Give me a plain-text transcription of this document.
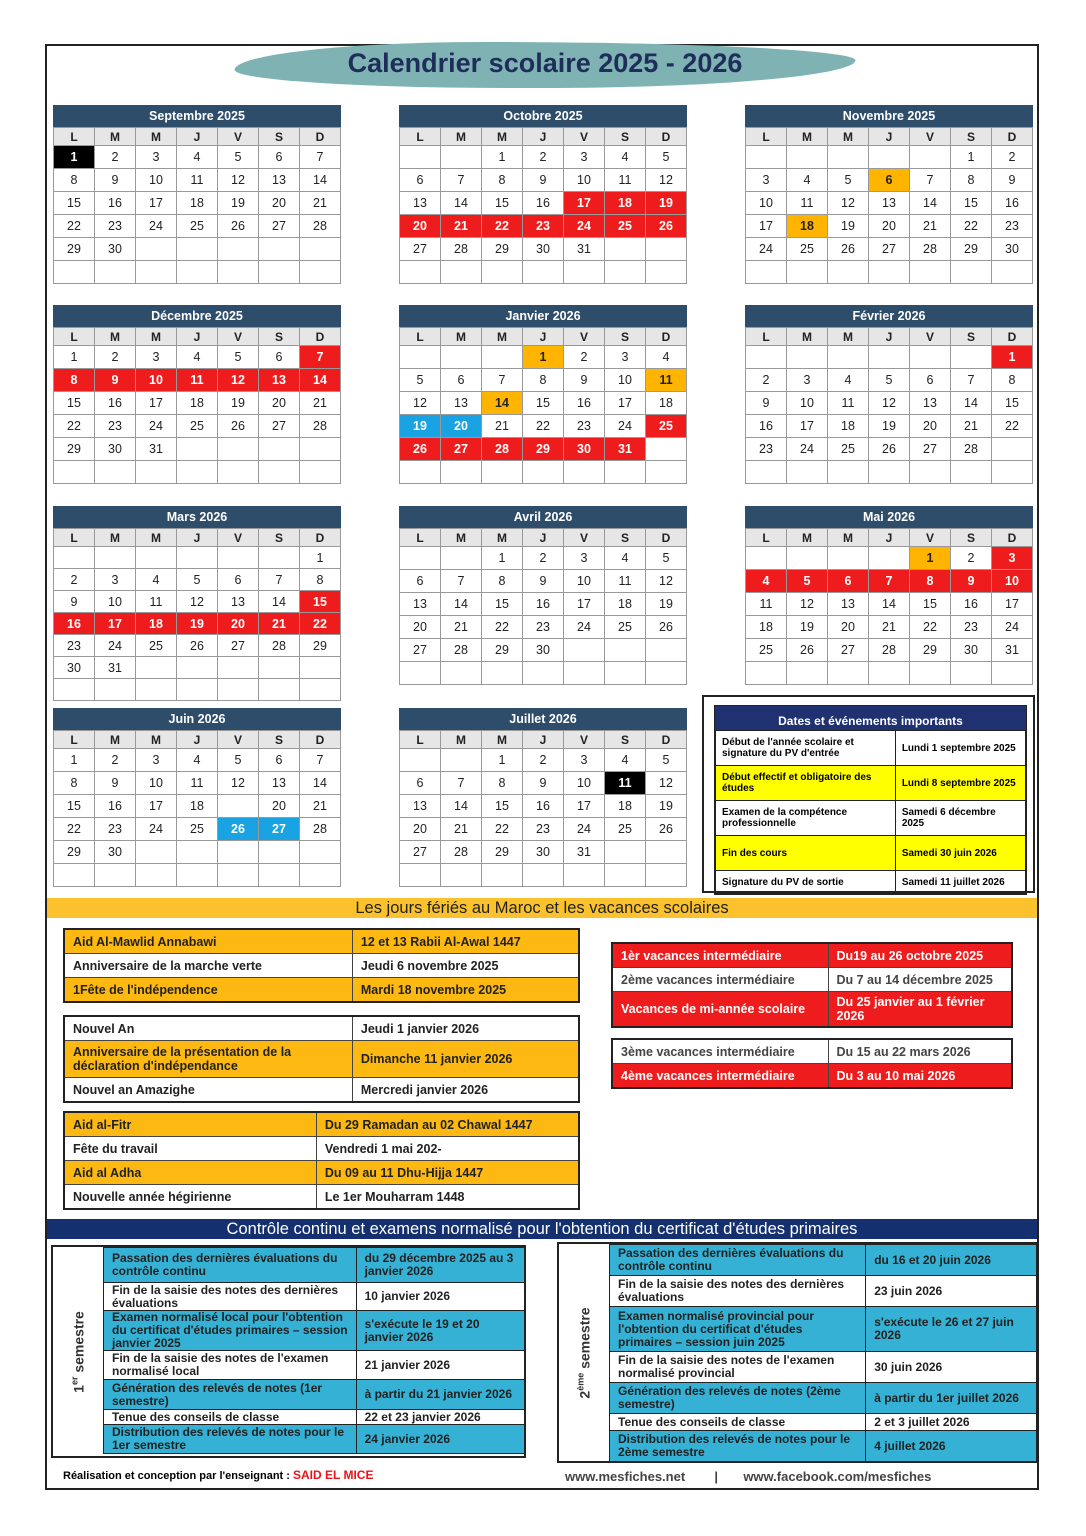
Calendrier scolaire 2025 - 2026
Septembre 2025
L	M	M	J	V	S	D
1	2	3	4	5	6	7
8	9	10	11	12	13	14
15	16	17	18	19	20	21
22	23	24	25	26	27	28
29	30					

Octobre 2025
L	M	M	J	V	S	D
		1	2	3	4	5
6	7	8	9	10	11	12
13	14	15	16	17	18	19
20	21	22	23	24	25	26
27	28	29	30	31		

Novembre 2025
L	M	M	J	V	S	D
					1	2
3	4	5	6	7	8	9
10	11	12	13	14	15	16
17	18	19	20	21	22	23
24	25	26	27	28	29	30

Décembre 2025
L	M	M	J	V	S	D
1	2	3	4	5	6	7
8	9	10	11	12	13	14
15	16	17	18	19	20	21
22	23	24	25	26	27	28
29	30	31				

Janvier 2026
L	M	M	J	V	S	D
			1	2	3	4
5	6	7	8	9	10	11
12	13	14	15	16	17	18
19	20	21	22	23	24	25
26	27	28	29	30	31	

Février 2026
L	M	M	J	V	S	D
						1
2	3	4	5	6	7	8
9	10	11	12	13	14	15
16	17	18	19	20	21	22
23	24	25	26	27	28	

Mars 2026
L	M	M	J	V	S	D
						1
2	3	4	5	6	7	8
9	10	11	12	13	14	15
16	17	18	19	20	21	22
23	24	25	26	27	28	29
30	31					

Avril 2026
L	M	M	J	V	S	D
		1	2	3	4	5
6	7	8	9	10	11	12
13	14	15	16	17	18	19
20	21	22	23	24	25	26
27	28	29	30			

Mai 2026
L	M	M	J	V	S	D
				1	2	3
4	5	6	7	8	9	10
11	12	13	14	15	16	17
18	19	20	21	22	23	24
25	26	27	28	29	30	31

Juin 2026
L	M	M	J	V	S	D
1	2	3	4	5	6	7
8	9	10	11	12	13	14
15	16	17	18		20	21
22	23	24	25	26	27	28
29	30					

Juillet 2026
L	M	M	J	V	S	D
		1	2	3	4	5
6	7	8	9	10	11	12
13	14	15	16	17	18	19
20	21	22	23	24	25	26
27	28	29	30	31		

Dates et événements importants
Début de l'année scolaire et signature du PV d'entrée	Lundi 1 septembre 2025
Début effectif et obligatoire des études	Lundi 8 septembre 2025
Examen de la compétence professionnelle	Samedi 6 décembre 2025
Fin des cours	Samedi 30 juin 2026
Signature du PV de sortie	Samedi 11 juillet 2026
Les jours fériés au Maroc et les vacances scolaires
Aid Al-Mawlid Annabawi	12 et 13 Rabii Al-Awal 1447
Anniversaire de la marche verte	Jeudi 6 novembre 2025
1Fête de l'indépendence	Mardi 18 novembre 2025
Nouvel An	Jeudi 1 janvier 2026
Anniversaire de la présentation de la déclaration d'indépendance	Dimanche 11 janvier 2026
Nouvel an Amazighe	Mercredi janvier 2026
Aid al-Fitr	Du 29 Ramadan au 02 Chawal 1447
Fête du travail	Vendredi 1 mai 202-
Aid al Adha	Du 09 au 11 Dhu-Hijja 1447
Nouvelle année hégirienne	Le 1er Mouharram 1448
1èr vacances intermédiaire	Du19 au 26 octobre 2025
2ème vacances intermédiaire	Du 7 au 14 décembre 2025
Vacances de mi-année scolaire	Du 25 janvier au 1 février 2026
3ème vacances intermédiaire	Du 15 au 22 mars 2026
4ème vacances intermédiaire	Du 3 au 10 mai 2026
Contrôle continu et examens normalisé pour l'obtention du certificat d'études primaires
1er semestre
Passation des dernières évaluations du contrôle continu	du 29 décembre 2025 au 3 janvier 2026
Fin de la saisie des notes des dernières évaluations	10 janvier 2026
Examen normalisé local pour l'obtention du certificat d'études primaires – session janvier 2025	s'exécute le 19 et 20 janvier 2026
Fin de la saisie des notes de l'examen normalisé local	21 janvier 2026
Génération des relevés de notes (1er semestre)	à partir du 21 janvier 2026
Tenue des conseils de classe	22 et 23 janvier 2026
Distribution des relevés de notes pour le 1er semestre	24 janvier 2026
2ème semestre
Passation des dernières évaluations du contrôle continu	du 16 et 20 juin 2026
Fin de la saisie des notes des dernières évaluations	23 juin 2026
Examen normalisé provincial pour l'obtention du certificat d'études primaires – session juin 2025	s'exécute le 26 et 27 juin 2026
Fin de la saisie des notes de l'examen normalisé provincial	30 juin 2026
Génération des relevés de notes (2ème semestre)	à partir du 1er juillet 2026
Tenue des conseils de classe	2 et 3 juillet 2026
Distribution des relevés de notes pour le 2ème semestre	4 juillet 2026
Réalisation et conception par l'enseignant : SAID EL MICE	www.mesfiches.net | www.facebook.com/mesfiches
